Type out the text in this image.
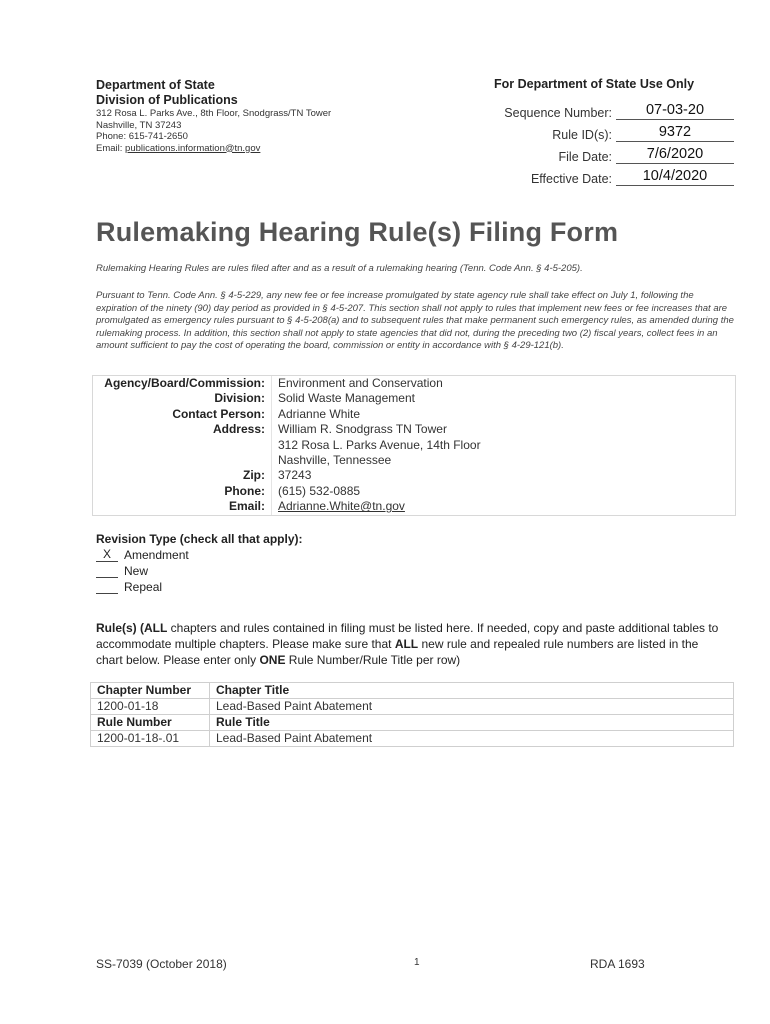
Department of State
Division of Publications
312 Rosa L. Parks Ave., 8th Floor, Snodgrass/TN Tower
Nashville, TN 37243
Phone: 615-741-2650
Email: publications.information@tn.gov
For Department of State Use Only
Sequence Number:	07-03-20
Rule ID(s):	9372
File Date:	7/6/2020
Effective Date:	10/4/2020
Rulemaking Hearing Rule(s) Filing Form
Rulemaking Hearing Rules are rules filed after and as a result of a rulemaking hearing (Tenn. Code Ann. § 4-5-205).
Pursuant to Tenn. Code Ann. § 4-5-229, any new fee or fee increase promulgated by state agency rule shall take effect on July 1, following the expiration of the ninety (90) day period as provided in § 4-5-207. This section shall not apply to rules that implement new fees or fee increases that are promulgated as emergency rules pursuant to § 4-5-208(a) and to subsequent rules that make permanent such emergency rules, as amended during the rulemaking process. In addition, this section shall not apply to state agencies that did not, during the preceding two (2) fiscal years, collect fees in an amount sufficient to pay the cost of operating the board, commission or entity in accordance with § 4-29-121(b).
Agency/Board/Commission:	Environment and Conservation
Division:	Solid Waste Management
Contact Person:	Adrianne White
Address:	William R. Snodgrass TN Tower
312 Rosa L. Parks Avenue, 14th Floor
Nashville, Tennessee
Zip:	37243
Phone:	(615) 532-0885
Email:	Adrianne.White@tn.gov
Revision Type (check all that apply):
X	Amendment
New
Repeal
Rule(s) (ALL chapters and rules contained in filing must be listed here. If needed, copy and paste additional tables to accommodate multiple chapters. Please make sure that ALL new rule and repealed rule numbers are listed in the chart below. Please enter only ONE Rule Number/Rule Title per row)
Chapter Number	Chapter Title
1200-01-18	Lead-Based Paint Abatement
Rule Number	Rule Title
1200-01-18-.01	Lead-Based Paint Abatement
SS-7039 (October 2018)	1	RDA 1693
